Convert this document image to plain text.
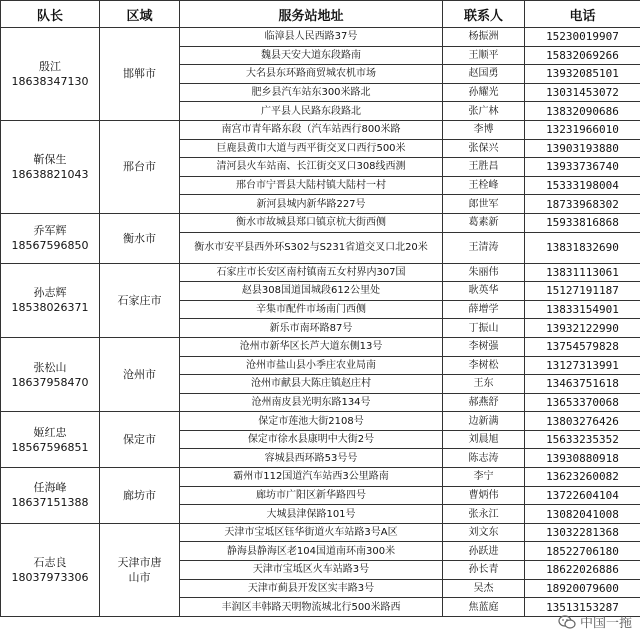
队长	区域	服务站地址	联系人	电话

殷江
18638347130	邯郸市	临漳县人民西路37号	杨振洲	15230019907
		魏县天安大道东段路南	王顺平	15832069266
		大名县东环路商贸城农机市场	赵国勇	13932085101
		肥乡县汽车站东300米路北	孙耀光	13031453072
		广平县人民路东段路北	张广林	13832090686

靳保生
18638821043	邢台市	南宫市青年路东段（汽车站西行800米路	李博	13231966010
		巨鹿县黄巾大道与西平街交叉口西行500米	张保兴	13903193880
		清河县火车站南、长江街交叉口308线西测	王胜昌	13933736740
		邢台市宁晋县大陆村镇大陆村一村	王栓峰	15333198004
		新河县城内新华路227号	郎世军	18733968302

乔军辉
18567596850	衡水市	衡水市故城县郑口镇京杭大街西侧	葛素新	15933816868
		衡水市安平县西外环S302与S231省道交叉口北20米	王清涛	13831832690

孙志辉
18538026371	石家庄市	石家庄市长安区南村镇南五女村界内307国	朱丽伟	13831113061
		赵县308国道国城段612公里处	耿英华	15127191187
		辛集市配件市场南门西侧	薛增学	13833154901
		新乐市南环路87号	丁振山	13932122990

张松山
18637958470	沧州市	沧州市新华区长芦大道东侧13号	李树强	13754579828
		沧州市盐山县小季庄农业局南	李树松	13127313991
		沧州市献县大陈庄镇赵庄村	王东	13463751618
		沧州南皮县光明东路134号	郝燕舒	13653370068

姬红忠
18567596851	保定市	保定市莲池大街2108号	边新满	13803276426
		保定市徐水县康明中大街2号	刘晨旭	15633235352
		容城县西环路53号号	陈志涛	13930880918

任海峰
18637151388	廊坊市	霸州市112国道汽车站西3公里路南	李宁	13623260082
		廊坊市广阳区新华路四号	曹炳伟	13722604104
		大城县津保路101号	张永江	13082041008

石志良
18037973306	天津市唐山市	天津市宝坻区钰华街道火车站路3号A区	刘文东	13032281368
		静海县静海区老104国道南环南300米	孙跃进	18522706180
		天津市宝坻区火车站路3号	孙长青	18622026886
		天津市蓟县开发区实丰路3号	吴杰	18920079600
		丰润区丰韩路天明物流城北行500米路西	焦蓝庭	13513153287
中国一拖
